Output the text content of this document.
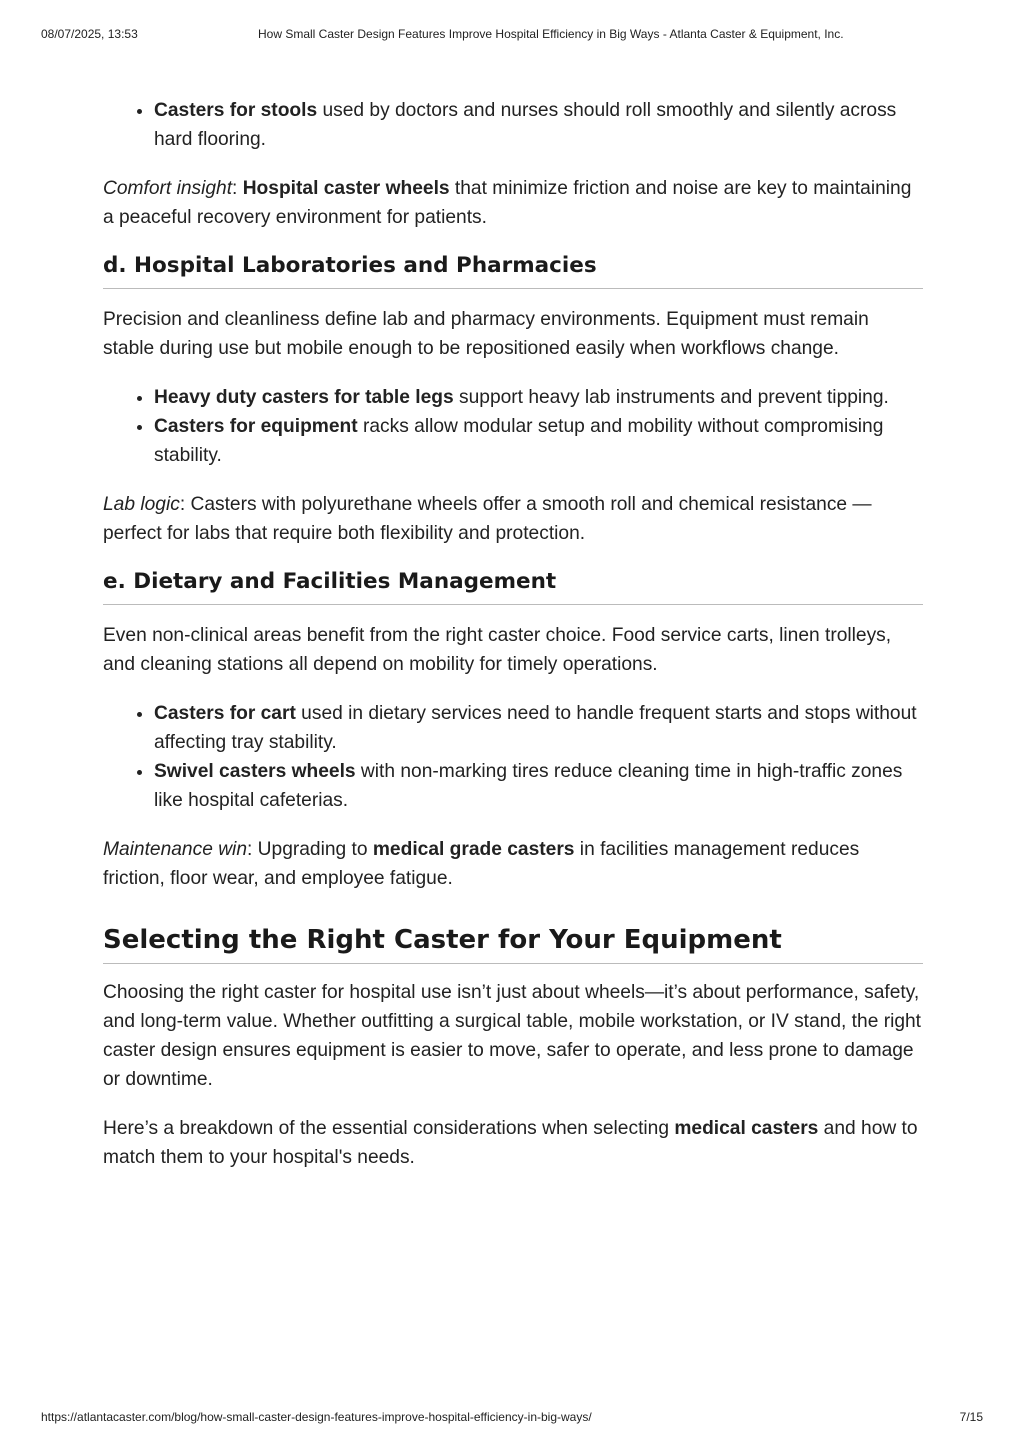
08/07/2025, 13:53	How Small Caster Design Features Improve Hospital Efficiency in Big Ways - Atlanta Caster & Equipment, Inc.
• Casters for stools used by doctors and nurses should roll smoothly and silently across hard flooring.

Comfort insight: Hospital caster wheels that minimize friction and noise are key to maintaining a peaceful recovery environment for patients.

d. Hospital Laboratories and Pharmacies

Precision and cleanliness define lab and pharmacy environments. Equipment must remain stable during use but mobile enough to be repositioned easily when workflows change.

• Heavy duty casters for table legs support heavy lab instruments and prevent tipping.
• Casters for equipment racks allow modular setup and mobility without compromising stability.

Lab logic: Casters with polyurethane wheels offer a smooth roll and chemical resistance —perfect for labs that require both flexibility and protection.

e. Dietary and Facilities Management

Even non-clinical areas benefit from the right caster choice. Food service carts, linen trolleys, and cleaning stations all depend on mobility for timely operations.

• Casters for cart used in dietary services need to handle frequent starts and stops without affecting tray stability.
• Swivel casters wheels with non-marking tires reduce cleaning time in high-traffic zones like hospital cafeterias.

Maintenance win: Upgrading to medical grade casters in facilities management reduces friction, floor wear, and employee fatigue.

Selecting the Right Caster for Your Equipment

Choosing the right caster for hospital use isn’t just about wheels—it’s about performance, safety, and long-term value. Whether outfitting a surgical table, mobile workstation, or IV stand, the right caster design ensures equipment is easier to move, safer to operate, and less prone to damage or downtime.

Here’s a breakdown of the essential considerations when selecting medical casters and how to match them to your hospital's needs.

https://atlantacaster.com/blog/how-small-caster-design-features-improve-hospital-efficiency-in-big-ways/	7/15
